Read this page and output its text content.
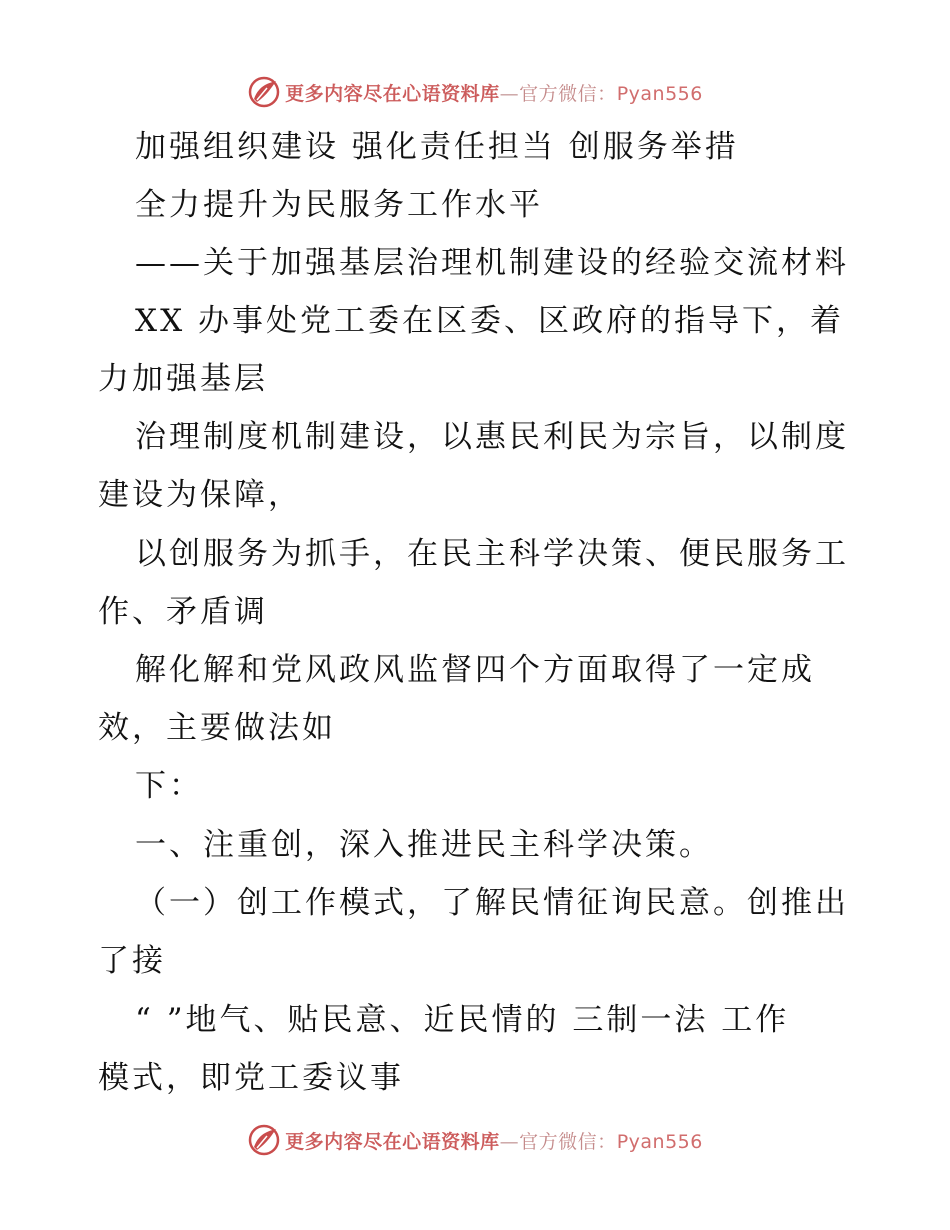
更多内容尽在心语资料库—官方微信：Pyan556
加强组织建设 强化责任担当 创服务举措
全力提升为民服务工作水平
——关于加强基层治理机制建设的经验交流材料
XX 办事处党工委在区委、区政府的指导下，着
力加强基层
治理制度机制建设，以惠民利民为宗旨，以制度
建设为保障，
以创服务为抓手，在民主科学决策、便民服务工
作、矛盾调
解化解和党风政风监督四个方面取得了一定成
效，主要做法如
下：
一、注重创，深入推进民主科学决策。
（一）创工作模式，了解民情征询民意。创推出
了接
“ ”地气、贴民意、近民情的 三制一法 工作
模式，即党工委议事
更多内容尽在心语资料库—官方微信：Pyan556
